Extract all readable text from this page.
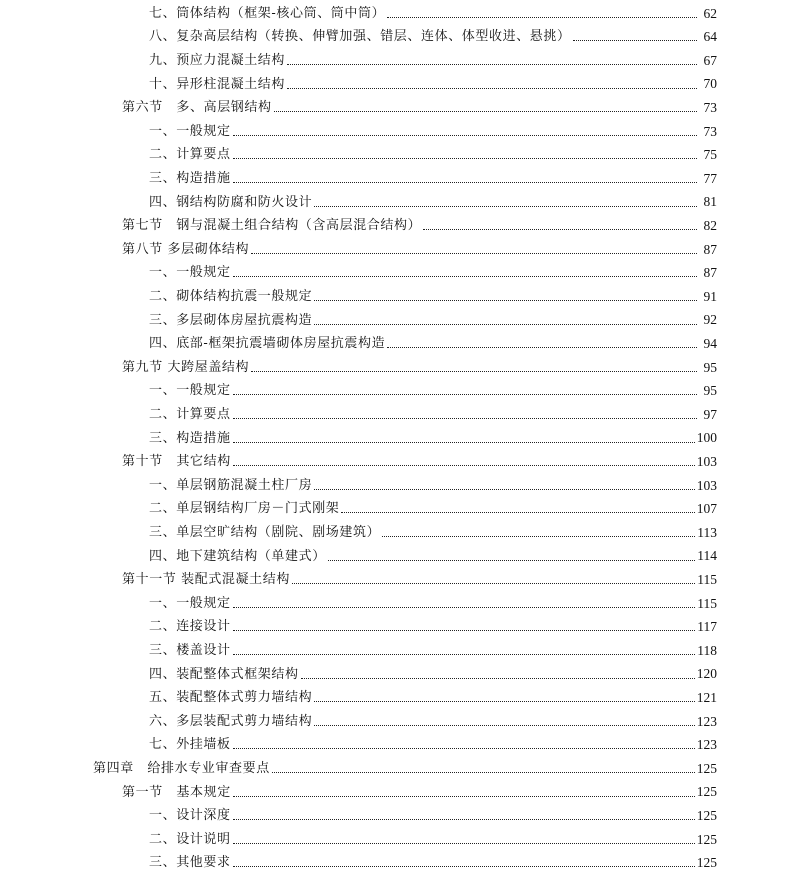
七、筒体结构（框架-核心筒、筒中筒）	62
八、复杂高层结构（转换、伸臂加强、错层、连体、体型收进、悬挑）	64
九、预应力混凝土结构	67
十、异形柱混凝土结构	70
第六节　多、高层钢结构	73
一、一般规定	73
二、计算要点	75
三、构造措施	77
四、钢结构防腐和防火设计	81
第七节　钢与混凝土组合结构（含高层混合结构）	82
第八节 多层砌体结构	87
一、一般规定	87
二、砌体结构抗震一般规定	91
三、多层砌体房屋抗震构造	92
四、底部-框架抗震墙砌体房屋抗震构造	94
第九节 大跨屋盖结构	95
一、一般规定	95
二、计算要点	97
三、构造措施	100
第十节　其它结构	103
一、单层钢筋混凝土柱厂房	103
二、单层钢结构厂房－门式刚架	107
三、单层空旷结构（剧院、剧场建筑）	113
四、地下建筑结构（单建式）	114
第十一节 装配式混凝土结构	115
一、一般规定	115
二、连接设计	117
三、楼盖设计	118
四、装配整体式框架结构	120
五、装配整体式剪力墙结构	121
六、多层装配式剪力墙结构	123
七、外挂墙板	123
第四章　给排水专业审查要点	125
第一节　基本规定	125
一、设计深度	125
二、设计说明	125
三、其他要求	125
